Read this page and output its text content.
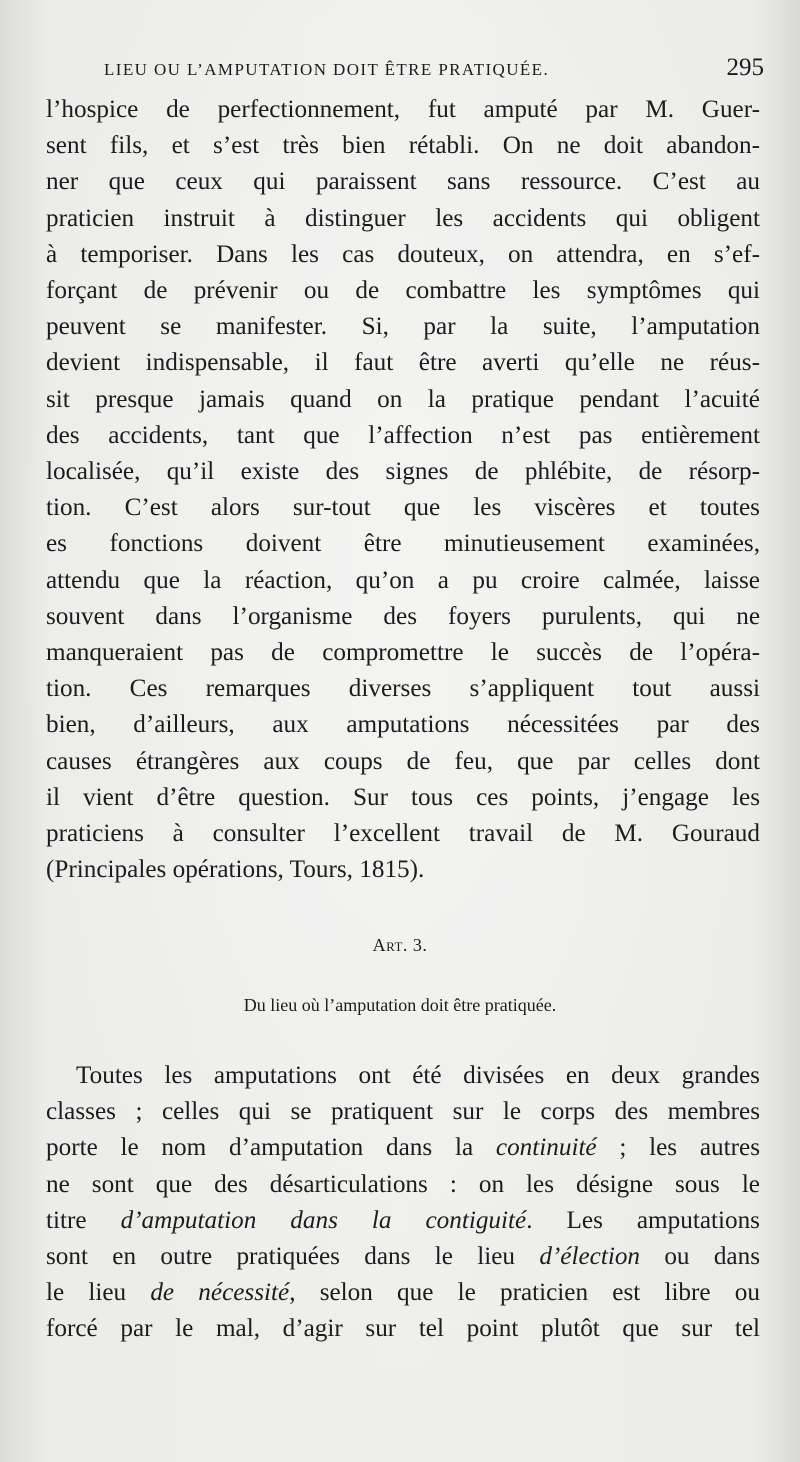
LIEU OU L’AMPUTATION DOIT ÊTRE PRATIQUÉE.	295
l’hospice de perfectionnement, fut amputé par M. Guer-
sent fils, et s’est très bien rétabli. On ne doit abandon-
ner que ceux qui paraissent sans ressource. C’est au
praticien instruit à distinguer les accidents qui obligent
à temporiser. Dans les cas douteux, on attendra, en s’ef-
forçant de prévenir ou de combattre les symptômes qui
peuvent se manifester. Si, par la suite, l’amputation
devient indispensable, il faut être averti qu’elle ne réus-
sit presque jamais quand on la pratique pendant l’acuité
des accidents, tant que l’affection n’est pas entièrement
localisée, qu’il existe des signes de phlébite, de résorp-
tion. C’est alors sur-tout que les viscères et toutes
es fonctions doivent être minutieusement examinées,
attendu que la réaction, qu’on a pu croire calmée, laisse
souvent dans l’organisme des foyers purulents, qui ne
manqueraient pas de compromettre le succès de l’opéra-
tion. Ces remarques diverses s’appliquent tout aussi
bien, d’ailleurs, aux amputations nécessitées par des
causes étrangères aux coups de feu, que par celles dont
il vient d’être question. Sur tous ces points, j’engage les
praticiens à consulter l’excellent travail de M. Gouraud
(Principales opérations, Tours, 1815).
Art. 3.
Du lieu où l’amputation doit être pratiquée.
Toutes les amputations ont été divisées en deux grandes
classes ; celles qui se pratiquent sur le corps des membres
porte le nom d’amputation dans la continuité ; les autres
ne sont que des désarticulations : on les désigne sous le
titre d’amputation dans la contiguité. Les amputations
sont en outre pratiquées dans le lieu d’élection ou dans
le lieu de nécessité, selon que le praticien est libre ou
forcé par le mal, d’agir sur tel point plutôt que sur tel
